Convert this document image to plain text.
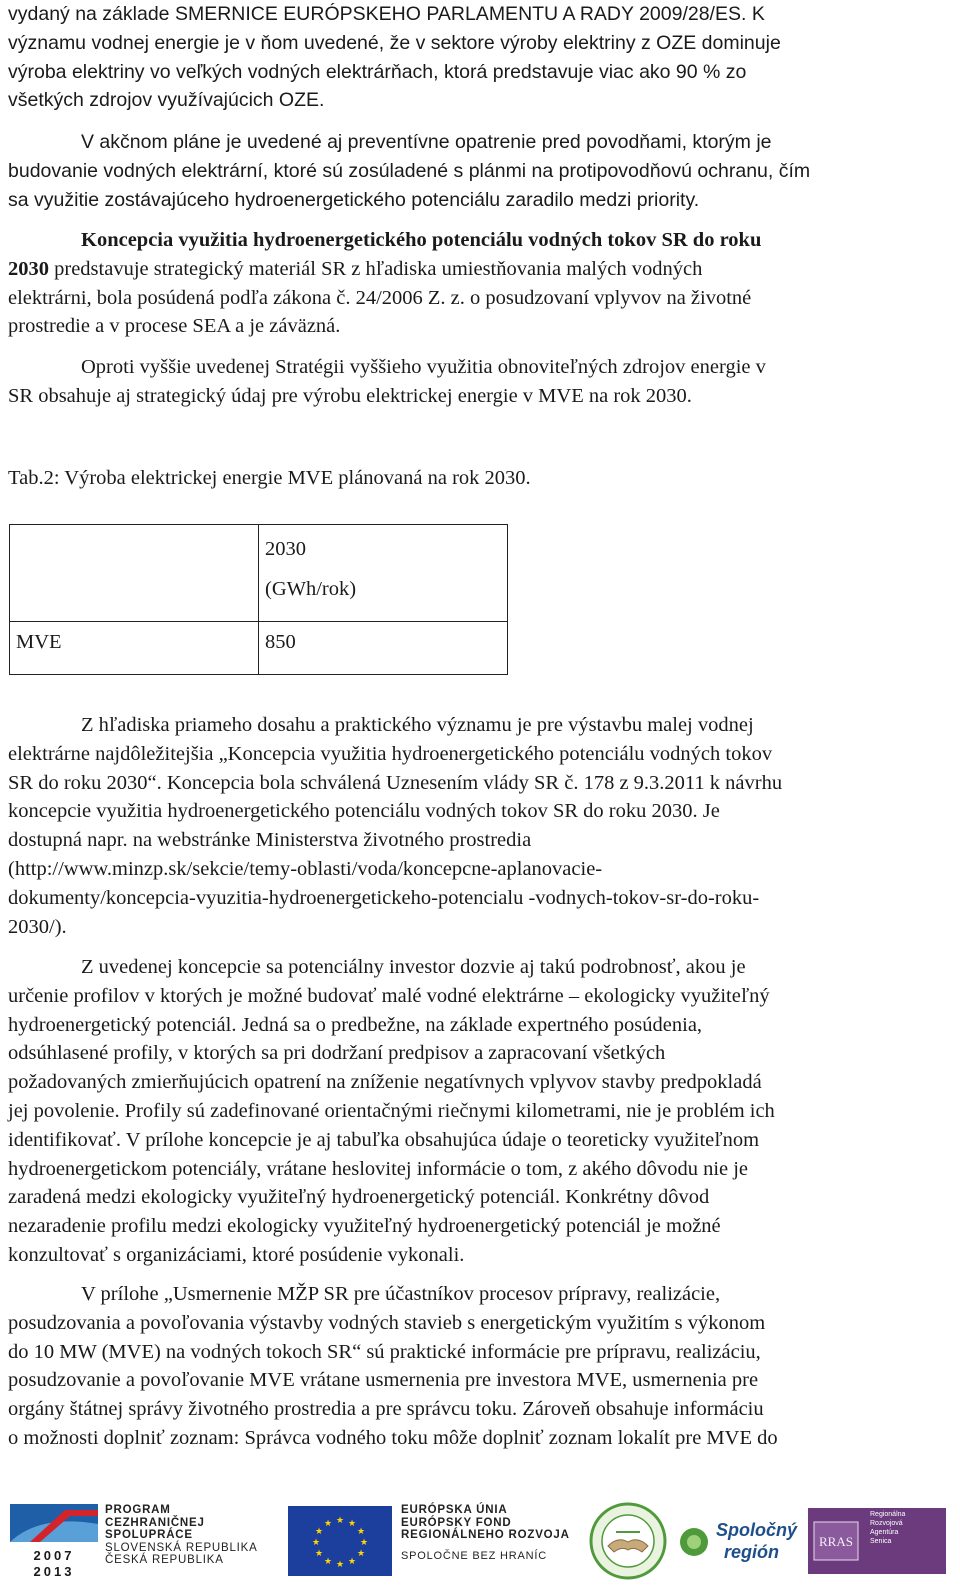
vydaný na základe SMERNICE EURÓPSKEHO PARLAMENTU A RADY 2009/28/ES. K

významu vodnej energie je v ňom uvedené, že v sektore výroby elektriny z OZE dominuje

výroba elektriny vo veľkých vodných elektrárňach, ktorá predstavuje viac ako 90 % zo

všetkých zdrojov využívajúcich OZE.

V akčnom pláne je uvedené aj preventívne opatrenie pred povodňami, ktorým je

budovanie vodných elektrární, ktoré sú zosúladené s plánmi na protipovodňovú ochranu, čím

sa využitie zostávajúceho hydroenergetického potenciálu zaradilo medzi priority.

Koncepcia využitia hydroenergetického potenciálu vodných tokov SR do roku

2030 predstavuje strategický materiál SR z hľadiska umiestňovania malých vodných

elektrárni, bola posúdená podľa zákona č. 24/2006 Z. z. o posudzovaní vplyvov na životné

prostredie a v procese SEA a je záväzná.

Oproti vyššie uvedenej Stratégii vyššieho využitia obnoviteľných zdrojov energie v

SR obsahuje aj strategický údaj pre výrobu elektrickej energie v MVE na rok 2030.

Tab.2: Výroba elektrickej energie MVE plánovaná na rok 2030.

	2030
(GWh/rok)

MVE	850

Z hľadiska priameho dosahu a praktického významu je pre výstavbu malej vodnej

elektrárne najdôležitejšia „Koncepcia využitia hydroenergetického potenciálu vodných tokov

SR do roku 2030“. Koncepcia bola schválená Uznesením vlády SR č. 178 z 9.3.2011 k návrhu

koncepcie využitia hydroenergetického potenciálu vodných tokov SR do roku 2030. Je

dostupná napr. na webstránke Ministerstva životného prostredia

(http://www.minzp.sk/sekcie/temy-oblasti/voda/koncepcne-aplanovacie-

dokumenty/koncepcia-vyuzitia-hydroenergetickeho-potencialu -vodnych-tokov-sr-do-roku-

2030/).

Z uvedenej koncepcie sa potenciálny investor dozvie aj takú podrobnosť, akou je

určenie profilov v ktorých je možné budovať malé vodné elektrárne – ekologicky využiteľný

hydroenergetický potenciál. Jedná sa o predbežne, na základe expertného posúdenia,

odsúhlasené profily, v ktorých sa pri dodržaní predpisov a zapracovaní všetkých

požadovaných zmierňujúcich opatrení na zníženie negatívnych vplyvov stavby predpokladá

jej povolenie. Profily sú zadefinované orientačnými riečnymi kilometrami, nie je problém ich

identifikovať. V prílohe koncepcie je aj tabuľka obsahujúca údaje o teoreticky využiteľnom

hydroenergetickom potenciály, vrátane heslovitej informácie o tom, z akého dôvodu nie je

zaradená medzi ekologicky využiteľný hydroenergetický potenciál. Konkrétny dôvod

nezaradenie profilu medzi ekologicky využiteľný hydroenergetický potenciál je možné

konzultovať s organizáciami, ktoré posúdenie vykonali.

V prílohe „Usmernenie MŽP SR pre účastníkov procesov prípravy, realizácie,

posudzovania a povoľovania výstavby vodných stavieb s energetickým využitím s výkonom

do 10 MW (MVE) na vodných tokoch SR“ sú praktické informácie pre prípravu, realizáciu,

posudzovanie a povoľovanie MVE vrátane usmernenia pre investora MVE, usmernenia pre

orgány štátnej správy životného prostredia a pre správcu toku. Zároveň obsahuje informáciu

o možnosti doplniť zoznam: Správca vodného toku môže doplniť zoznam lokalít pre MVE do

2007
2013
PROGRAM
CEZHRANIČNEJ
SPOLUPRÁCE
SLOVENSKÁ REPUBLIKA
ČESKÁ REPUBLIKA
★ ★
★
★
★
★
★
★
★
★
★
★
EURÓPSKA ÚNIA
EURÓPSKY FOND
REGIONÁLNEHO ROZVOJA
SPOLOČNE BEZ HRANÍC
Spoločný
región
RRAS
Regionálna
Rozvojová
Agentúra
Senica
